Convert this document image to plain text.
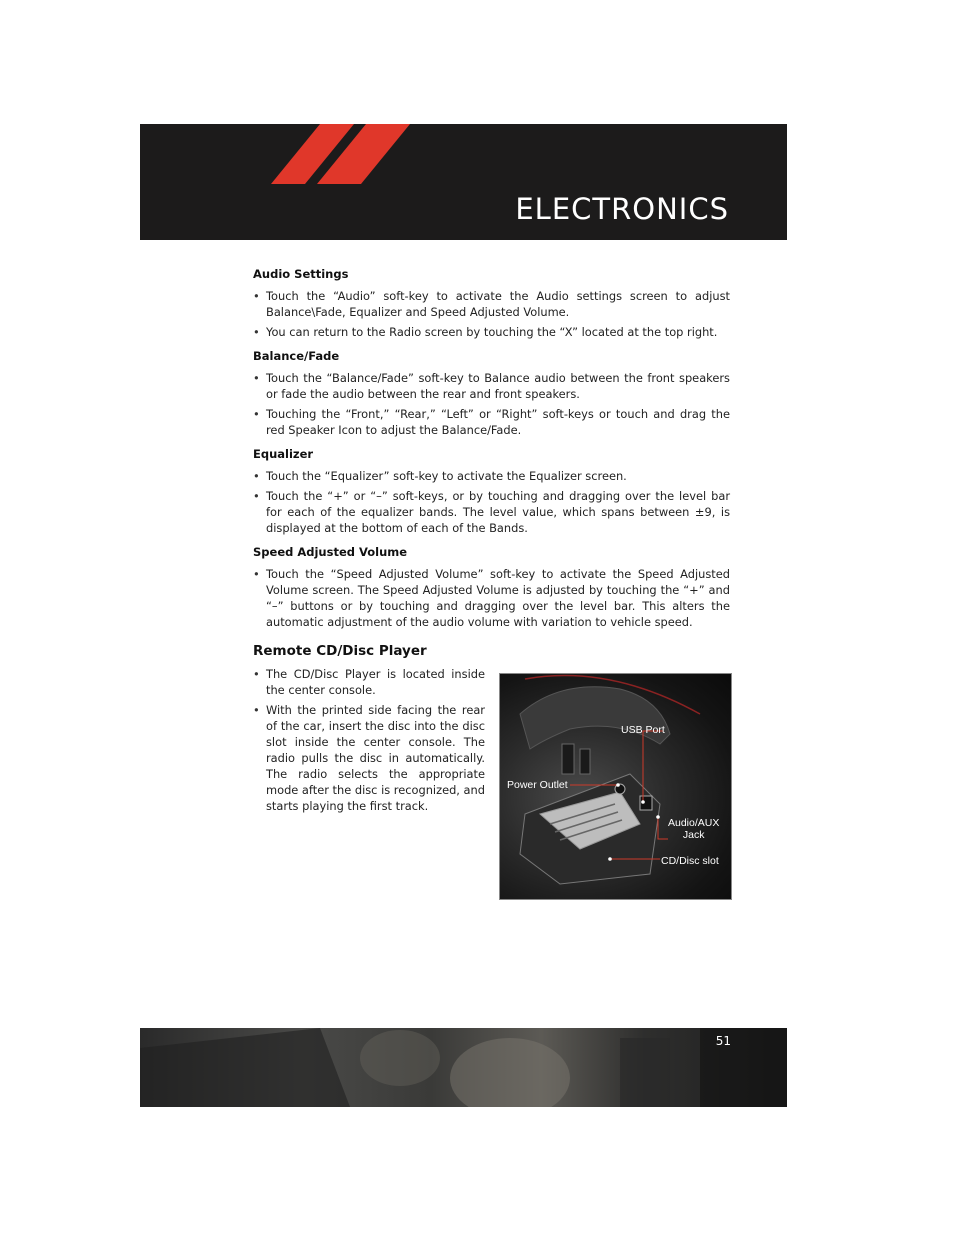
ELECTRONICS
Audio Settings
• Touch the “Audio” soft-key to activate the Audio settings screen to adjust Balance\Fade, Equalizer and Speed Adjusted Volume.
• You can return to the Radio screen by touching the “X” located at the top right.
Balance/Fade
• Touch the “Balance/Fade” soft-key to Balance audio between the front speakers or fade the audio between the rear and front speakers.
• Touching the “Front,” “Rear,” “Left” or “Right” soft-keys or touch and drag the red Speaker Icon to adjust the Balance/Fade.
Equalizer
• Touch the “Equalizer” soft-key to activate the Equalizer screen.
• Touch the “+” or “–” soft-keys, or by touching and dragging over the level bar for each of the equalizer bands. The level value, which spans between ±9, is displayed at the bottom of each of the Bands.
Speed Adjusted Volume
• Touch the “Speed Adjusted Volume” soft-key to activate the Speed Adjusted Volume screen. The Speed Adjusted Volume is adjusted by touching the “+” and “–” buttons or by touching and dragging over the level bar. This alters the automatic adjustment of the audio volume with variation to vehicle speed.
Remote CD/Disc Player
• The CD/Disc Player is located inside the center console.
• With the printed side facing the rear of the car, insert the disc into the disc slot inside the center console. The radio pulls the disc in automatically. The radio selects the appropriate mode after the disc is recognized, and starts playing the first track.
USB Port
Power Outlet
Audio/AUX
Jack
CD/Disc slot
51
